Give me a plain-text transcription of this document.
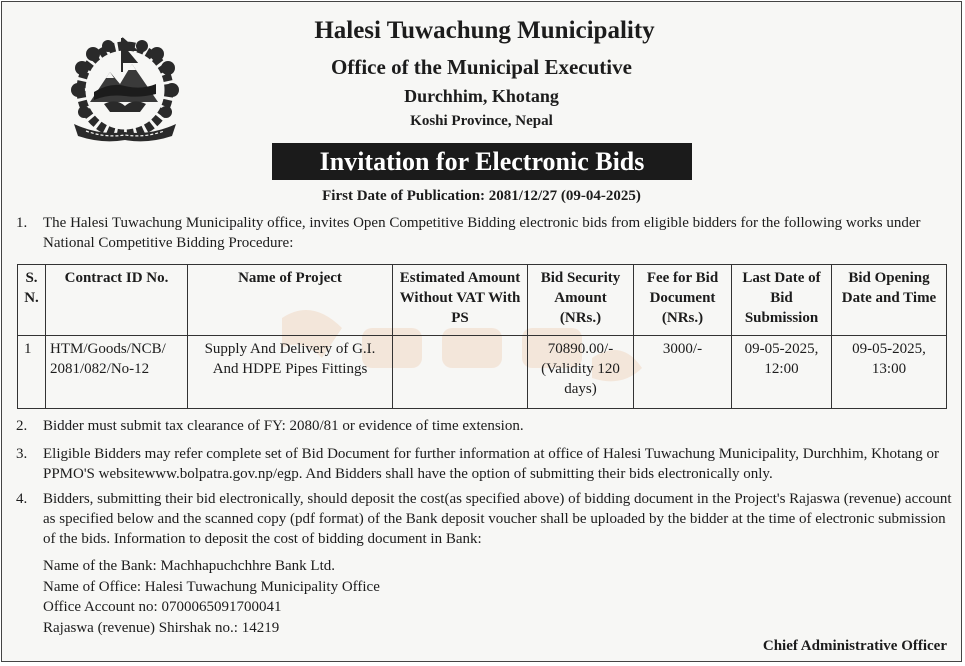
Halesi Tuwachung Municipality
Office of the Municipal Executive
Durchhim, Khotang
Koshi Province, Nepal
Invitation for Electronic Bids
First Date of Publication: 2081/12/27 (09-04-2025)
1. The Halesi Tuwachung Municipality office, invites Open Competitive Bidding electronic bids from eligible bidders for the following works under National Competitive Bidding Procedure:
S. N.	Contract ID No.	Name of Project	Estimated Amount Without VAT With PS	Bid Security Amount (NRs.)	Fee for Bid Document (NRs.)	Last Date of Bid Submission	Bid Opening Date and Time
1	HTM/Goods/NCB/ 2081/082/No-12	Supply And Delivery of G.I. And HDPE Pipes Fittings		70890.00/- (Validity 120 days)	3000/-	09-05-2025, 12:00	09-05-2025, 13:00
2. Bidder must submit tax clearance of FY: 2080/81 or evidence of time extension.
3. Eligible Bidders may refer complete set of Bid Document for further information at office of Halesi Tuwachung Municipality, Durchhim, Khotang or PPMO'S websitewww.bolpatra.gov.np/egp. And Bidders shall have the option of submitting their bids electronically only.
4. Bidders, submitting their bid electronically, should deposit the cost(as specified above) of bidding document in the Project's Rajaswa (revenue) account as specified below and the scanned copy (pdf format) of the Bank deposit voucher shall be uploaded by the bidder at the time of electronic submission of the bids. Information to deposit the cost of bidding document in Bank:
Name of the Bank: Machhapuchchhre Bank Ltd.
Name of Office: Halesi Tuwachung Municipality Office
Office Account no: 0700065091700041
Rajaswa (revenue) Shirshak no.: 14219
Chief Administrative Officer
